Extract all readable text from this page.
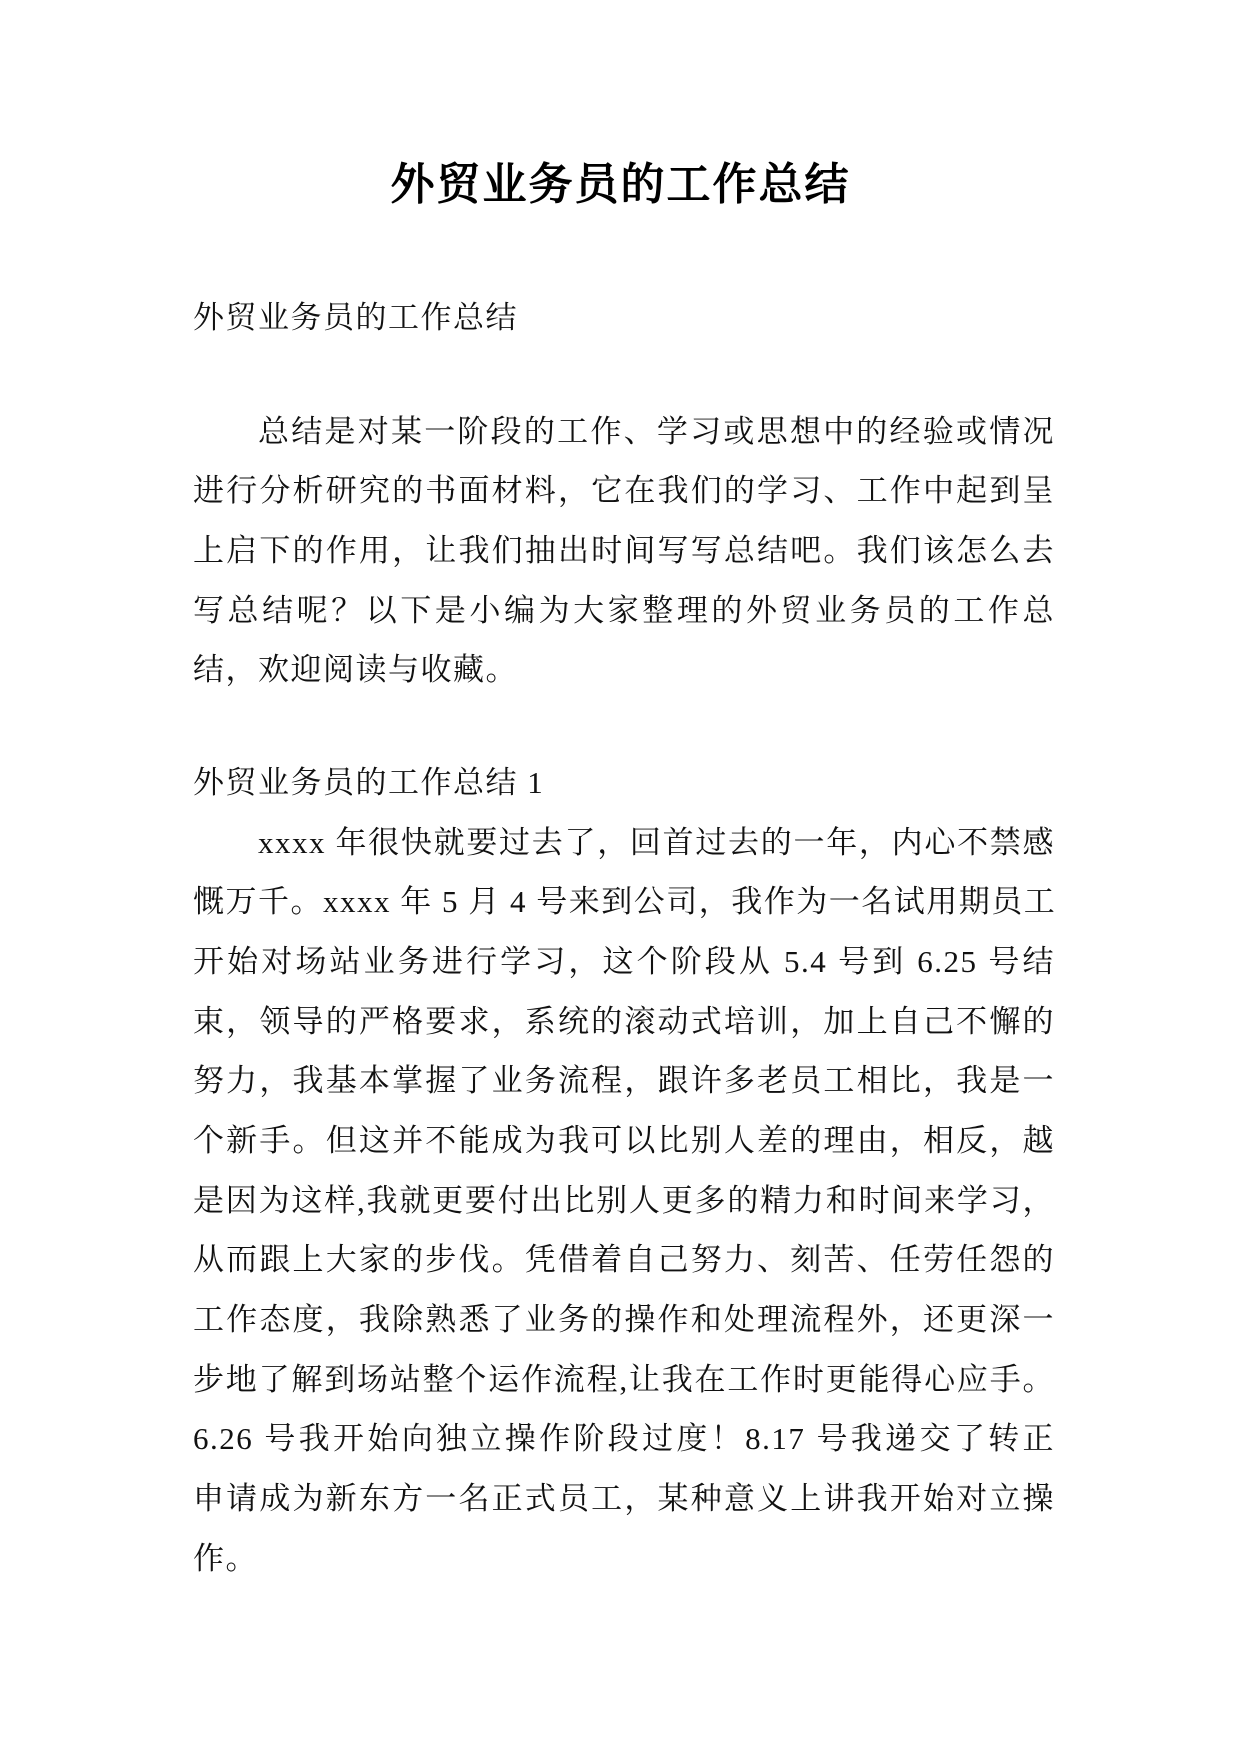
外贸业务员的工作总结
外贸业务员的工作总结
总结是对某一阶段的工作、学习或思想中的经验或情况
进行分析研究的书面材料，它在我们的学习、工作中起到呈
上启下的作用，让我们抽出时间写写总结吧。我们该怎么去
写总结呢？以下是小编为大家整理的外贸业务员的工作总
结，欢迎阅读与收藏。
外贸业务员的工作总结 1
xxxx 年很快就要过去了，回首过去的一年，内心不禁感
慨万千。xxxx 年 5 月 4 号来到公司，我作为一名试用期员工
开始对场站业务进行学习，这个阶段从 5.4 号到 6.25 号结
束，领导的严格要求，系统的滚动式培训，加上自己不懈的
努力，我基本掌握了业务流程，跟许多老员工相比，我是一
个新手。但这并不能成为我可以比别人差的理由，相反，越
是因为这样,我就更要付出比别人更多的精力和时间来学习，
从而跟上大家的步伐。凭借着自己努力、刻苦、任劳任怨的
工作态度，我除熟悉了业务的操作和处理流程外，还更深一
步地了解到场站整个运作流程,让我在工作时更能得心应手。
6.26 号我开始向独立操作阶段过度！8.17 号我递交了转正
申请成为新东方一名正式员工，某种意义上讲我开始对立操
作。
